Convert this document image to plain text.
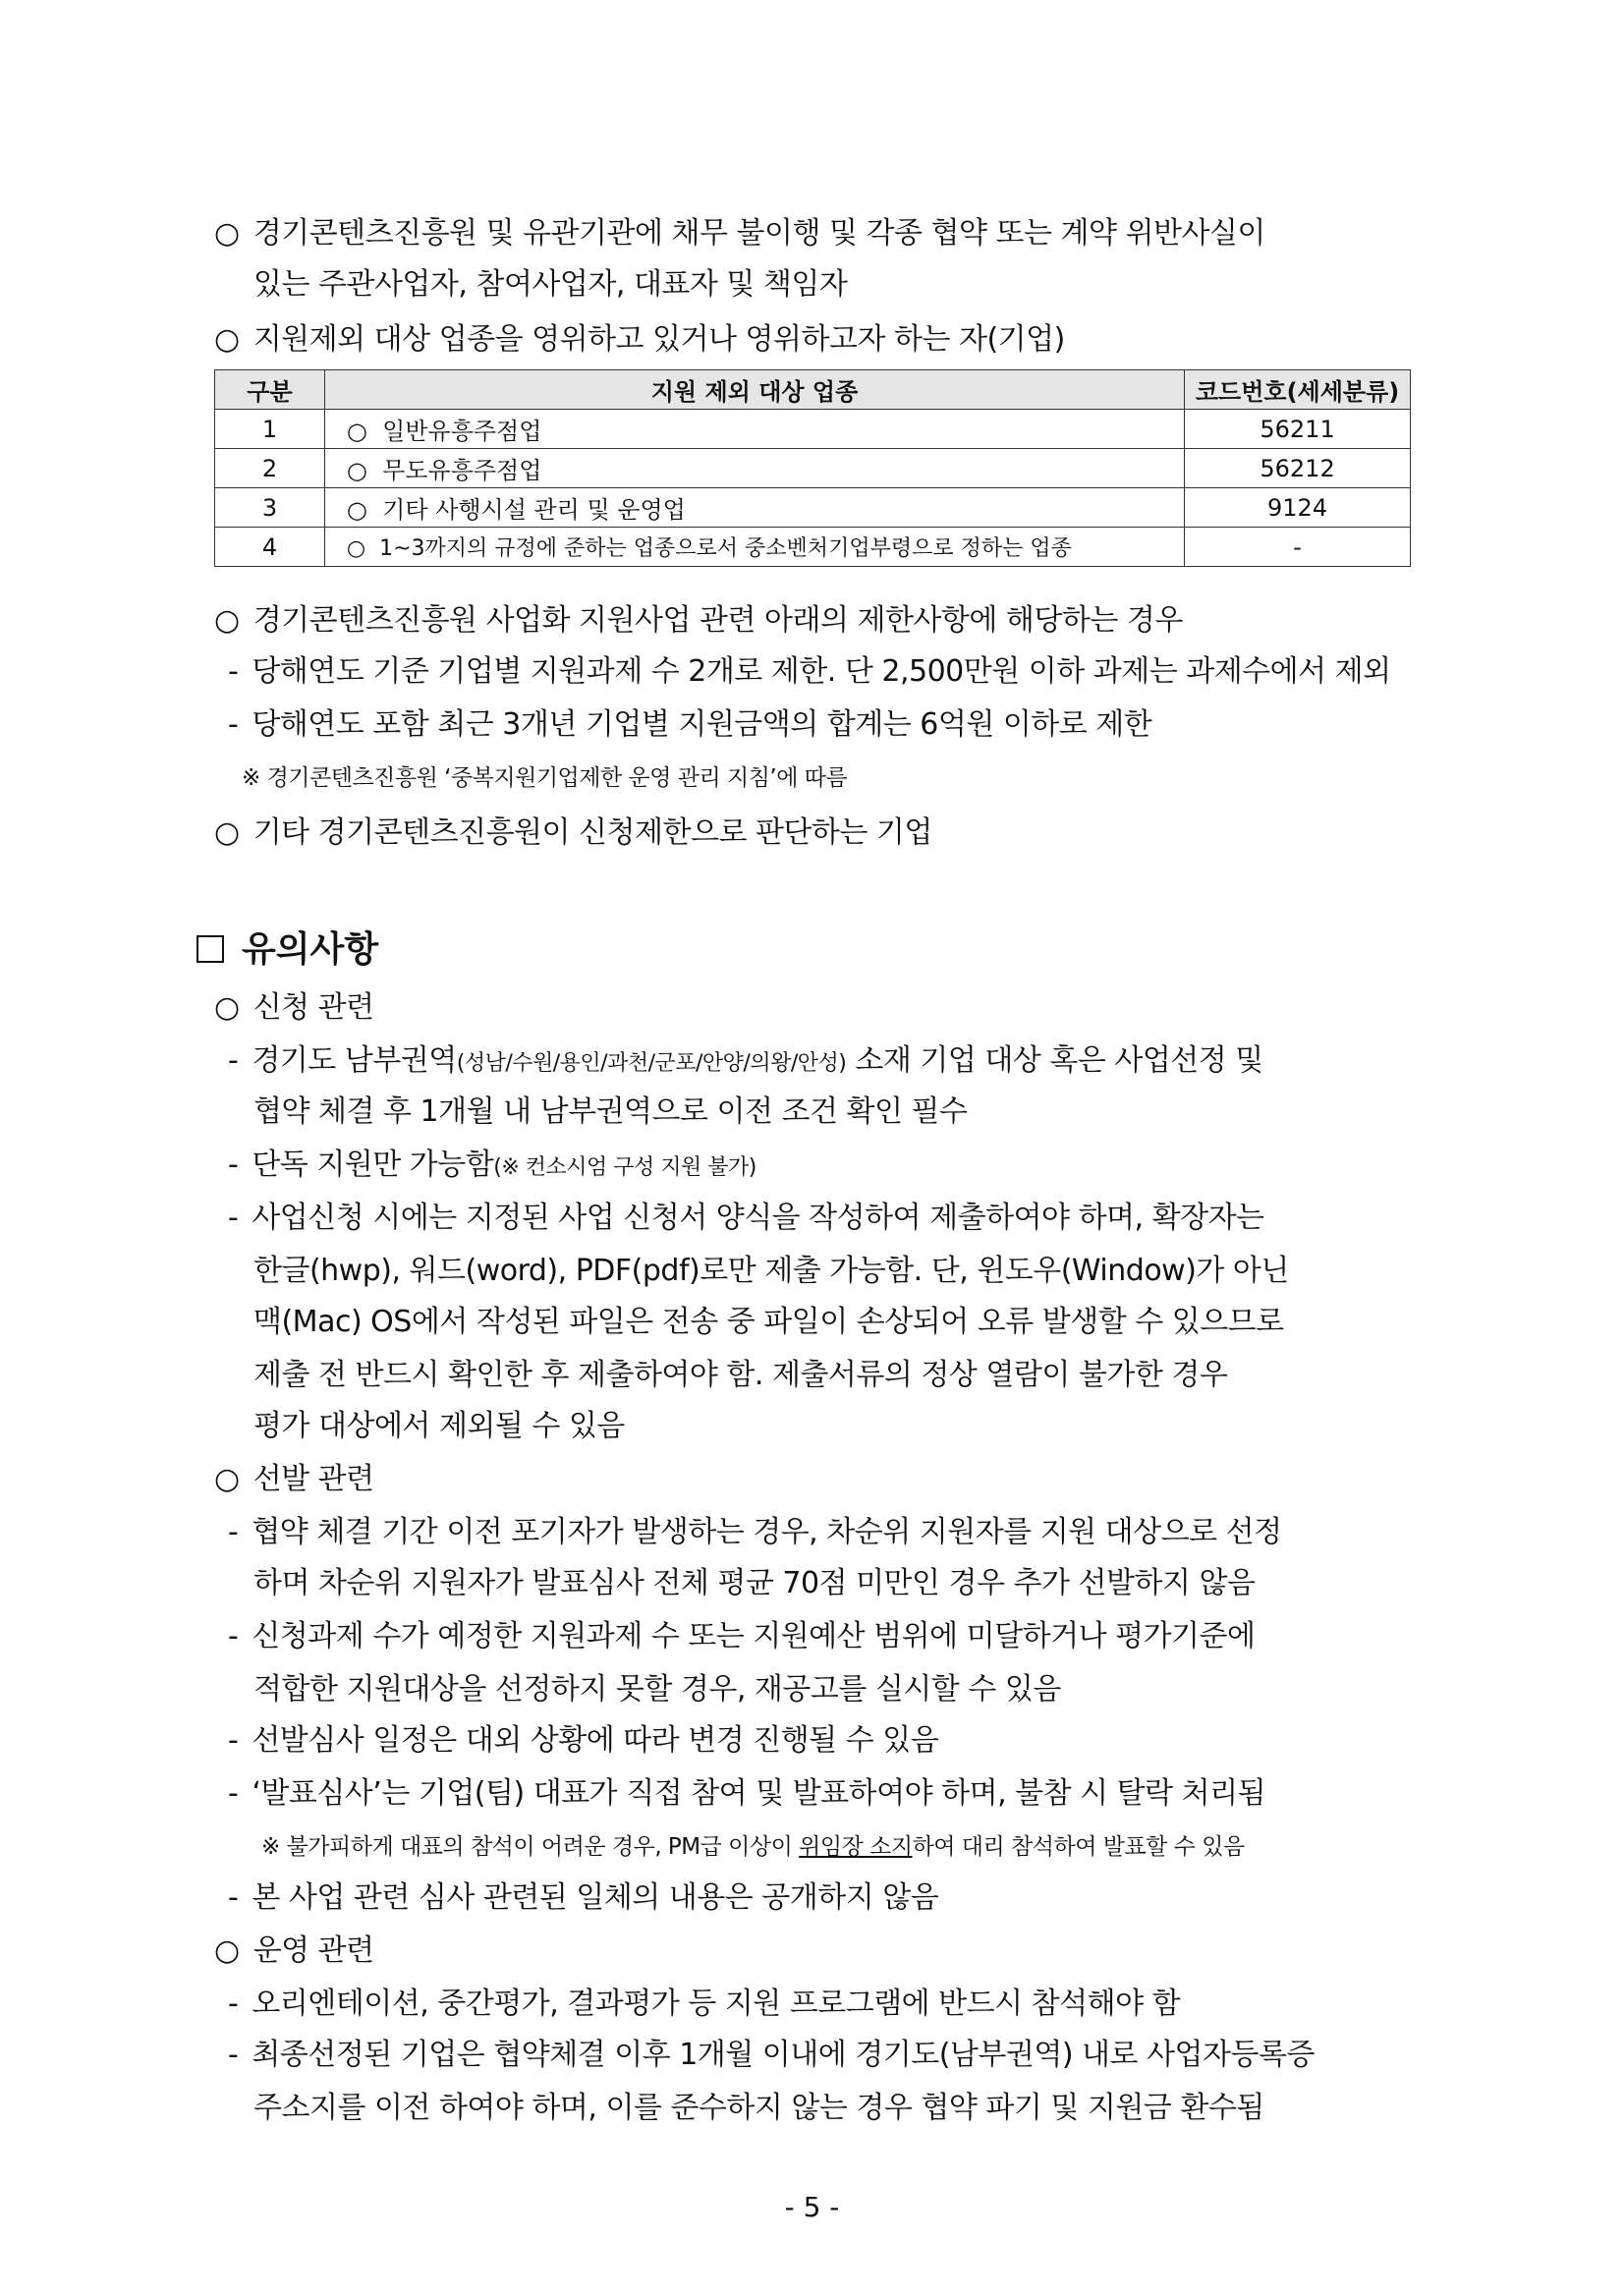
○ 경기콘텐츠진흥원 및 유관기관에 채무 불이행 및 각종 협약 또는 계약 위반사실이
있는 주관사업자, 참여사업자, 대표자 및 책임자
○ 지원제외 대상 업종을 영위하고 있거나 영위하고자 하는 자(기업)
구분	지원 제외 대상 업종	코드번호(세세분류)
1	○ 일반유흥주점업	56211
2	○ 무도유흥주점업	56212
3	○ 기타 사행시설 관리 및 운영업	9124
4	○ 1~3까지의 규정에 준하는 업종으로서 중소벤처기업부령으로 정하는 업종	-
○ 경기콘텐츠진흥원 사업화 지원사업 관련 아래의 제한사항에 해당하는 경우
- 당해연도 기준 기업별 지원과제 수 2개로 제한. 단 2,500만원 이하 과제는 과제수에서 제외
- 당해연도 포함 최근 3개년 기업별 지원금액의 합계는 6억원 이하로 제한
※ 경기콘텐츠진흥원 ‘중복지원기업제한 운영 관리 지침’에 따름
○ 기타 경기콘텐츠진흥원이 신청제한으로 판단하는 기업
유의사항
○ 신청 관련
- 경기도 남부권역(성남/수원/용인/과천/군포/안양/의왕/안성) 소재 기업 대상 혹은 사업선정 및
협약 체결 후 1개월 내 남부권역으로 이전 조건 확인 필수
- 단독 지원만 가능함(※ 컨소시엄 구성 지원 불가)
- 사업신청 시에는 지정된 사업 신청서 양식을 작성하여 제출하여야 하며, 확장자는
한글(hwp), 워드(word), PDF(pdf)로만 제출 가능함. 단, 윈도우(Window)가 아닌
맥(Mac) OS에서 작성된 파일은 전송 중 파일이 손상되어 오류 발생할 수 있으므로
제출 전 반드시 확인한 후 제출하여야 함. 제출서류의 정상 열람이 불가한 경우
평가 대상에서 제외될 수 있음
○ 선발 관련
- 협약 체결 기간 이전 포기자가 발생하는 경우, 차순위 지원자를 지원 대상으로 선정
하며 차순위 지원자가 발표심사 전체 평균 70점 미만인 경우 추가 선발하지 않음
- 신청과제 수가 예정한 지원과제 수 또는 지원예산 범위에 미달하거나 평가기준에
적합한 지원대상을 선정하지 못할 경우, 재공고를 실시할 수 있음
- 선발심사 일정은 대외 상황에 따라 변경 진행될 수 있음
- ‘발표심사’는 기업(팀) 대표가 직접 참여 및 발표하여야 하며, 불참 시 탈락 처리됨
※ 불가피하게 대표의 참석이 어려운 경우, PM급 이상이 위임장 소지하여 대리 참석하여 발표할 수 있음
- 본 사업 관련 심사 관련된 일체의 내용은 공개하지 않음
○ 운영 관련
- 오리엔테이션, 중간평가, 결과평가 등 지원 프로그램에 반드시 참석해야 함
- 최종선정된 기업은 협약체결 이후 1개월 이내에 경기도(남부권역) 내로 사업자등록증
주소지를 이전 하여야 하며, 이를 준수하지 않는 경우 협약 파기 및 지원금 환수됨
- 5 -
